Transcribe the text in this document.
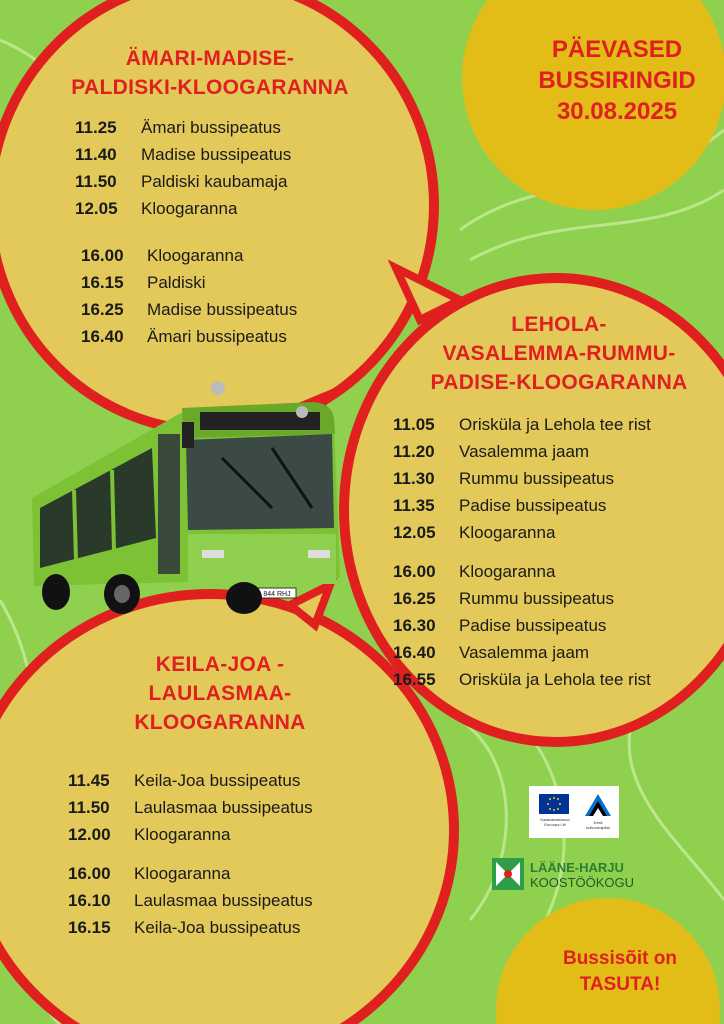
844 RHJ
PÄEVASED
BUSSIRINGID
30.08.2025
ÄMARI-MADISE-
PALDISKI-KLOOGARANNA
11.25	Ämari bussipeatus
11.40	Madise bussipeatus
11.50	Paldiski kaubamaja
12.05	Kloogaranna
16.00	Kloogaranna
16.15	Paldiski
16.25	Madise bussipeatus
16.40	Ämari bussipeatus
LEHOLA-
VASALEMMA-RUMMU-
PADISE-KLOOGARANNA
11.05	Orisküla ja Lehola tee rist
11.20	Vasalemma jaam
11.30	Rummu bussipeatus
11.35	Padise bussipeatus
12.05	Kloogaranna
16.00	Kloogaranna
16.25	Rummu bussipeatus
16.30	Padise bussipeatus
16.40	Vasalemma jaam
16.55	Orisküla ja Lehola tee rist
KEILA-JOA -
LAULASMAA-
KLOOGARANNA
11.45	Keila-Joa bussipeatus
11.50	Laulasmaa bussipeatus
12.00	Kloogaranna
16.00	Kloogaranna
16.10	Laulasmaa bussipeatus
16.15	Keila-Joa bussipeatus
Kaasrahastanud
Euroopa Liit	Eesti
kultuurkapital
LÄÄNE-HARJU
KOOSTÖÖKOGU
Bussisõit on
TASUTA!
